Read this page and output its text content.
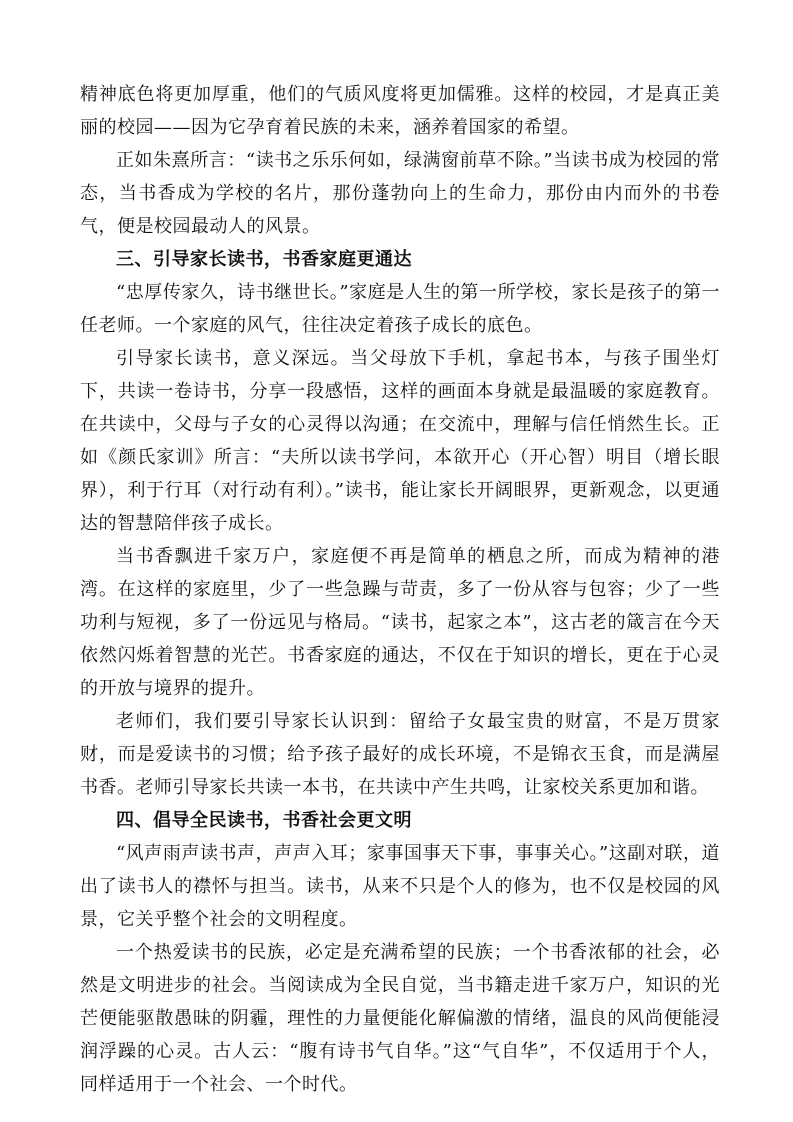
精神底色将更加厚重，他们的气质风度将更加儒雅。这样的校园，才是真正美丽的校园——因为它孕育着民族的未来，涵养着国家的希望。

正如朱熹所言：“读书之乐乐何如，绿满窗前草不除。”当读书成为校园的常态，当书香成为学校的名片，那份蓬勃向上的生命力，那份由内而外的书卷气，便是校园最动人的风景。

三、引导家长读书，书香家庭更通达

“忠厚传家久，诗书继世长。”家庭是人生的第一所学校，家长是孩子的第一任老师。一个家庭的风气，往往决定着孩子成长的底色。

引导家长读书，意义深远。当父母放下手机，拿起书本，与孩子围坐灯下，共读一卷诗书，分享一段感悟，这样的画面本身就是最温暖的家庭教育。在共读中，父母与子女的心灵得以沟通；在交流中，理解与信任悄然生长。正如《颜氏家训》所言：“夫所以读书学问，本欲开心（开心智）明目（增长眼界），利于行耳（对行动有利）。”读书，能让家长开阔眼界，更新观念，以更通达的智慧陪伴孩子成长。

当书香飘进千家万户，家庭便不再是简单的栖息之所，而成为精神的港湾。在这样的家庭里，少了一些急躁与苛责，多了一份从容与包容；少了一些功利与短视，多了一份远见与格局。“读书，起家之本”，这古老的箴言在今天依然闪烁着智慧的光芒。书香家庭的通达，不仅在于知识的增长，更在于心灵的开放与境界的提升。

老师们，我们要引导家长认识到：留给子女最宝贵的财富，不是万贯家财，而是爱读书的习惯；给予孩子最好的成长环境，不是锦衣玉食，而是满屋书香。老师引导家长共读一本书，在共读中产生共鸣，让家校关系更加和谐。

四、倡导全民读书，书香社会更文明

“风声雨声读书声，声声入耳；家事国事天下事，事事关心。”这副对联，道出了读书人的襟怀与担当。读书，从来不只是个人的修为，也不仅是校园的风景，它关乎整个社会的文明程度。

一个热爱读书的民族，必定是充满希望的民族；一个书香浓郁的社会，必然是文明进步的社会。当阅读成为全民自觉，当书籍走进千家万户，知识的光芒便能驱散愚昧的阴霾，理性的力量便能化解偏激的情绪，温良的风尚便能浸润浮躁的心灵。古人云：“腹有诗书气自华。”这“气自华”，不仅适用于个人，同样适用于一个社会、一个时代。
